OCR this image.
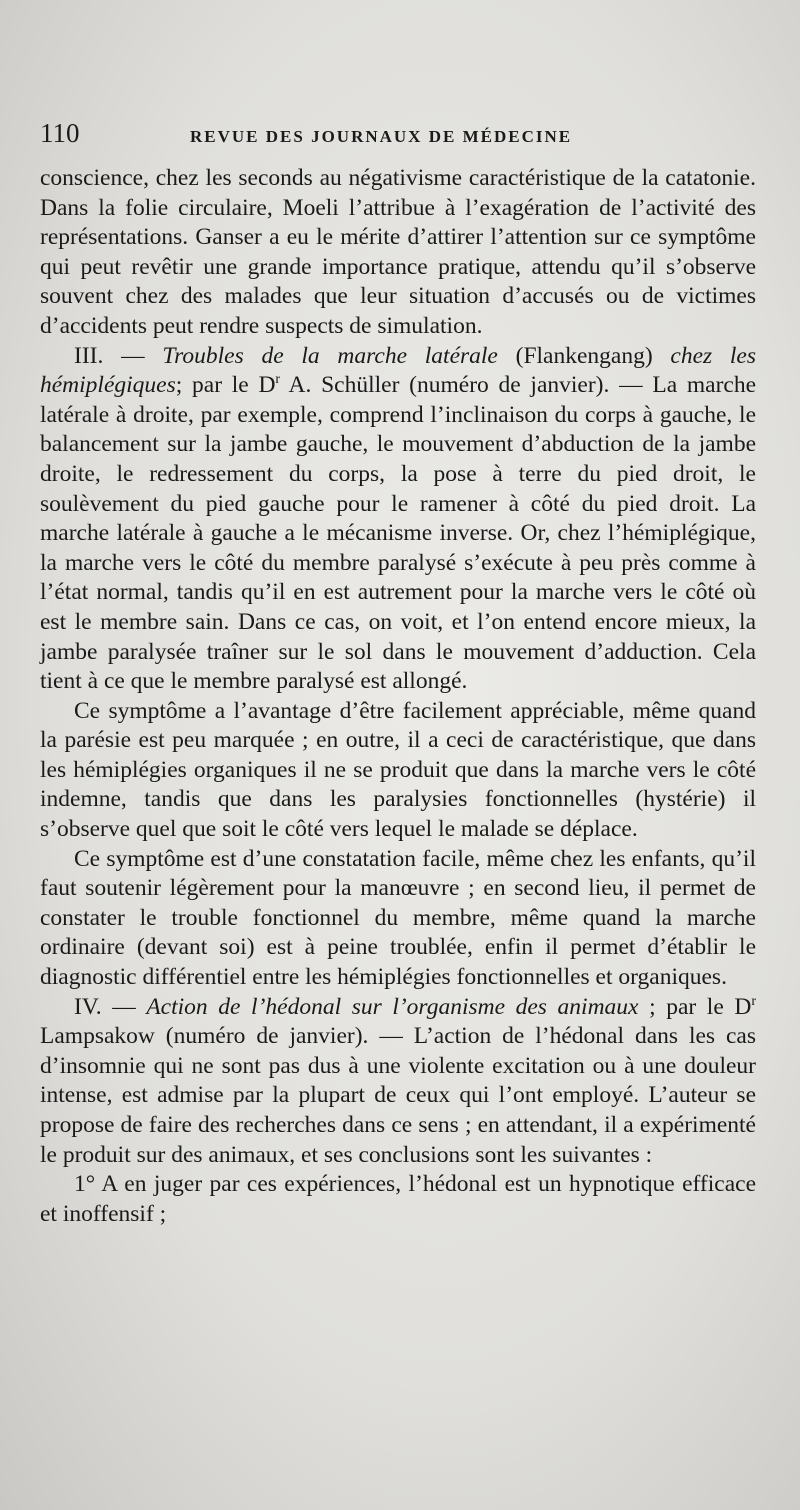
110	REVUE DES JOURNAUX DE MÉDECINE

conscience, chez les seconds au négativisme caractéristique de la catatonie. Dans la folie circulaire, Moeli l’attribue à l’exagération de l’activité des représentations. Ganser a eu le mérite d’attirer l’attention sur ce symptôme qui peut revêtir une grande importance pratique, attendu qu’il s’observe souvent chez des malades que leur situation d’accusés ou de victimes d’accidents peut rendre suspects de simulation.

III. — Troubles de la marche latérale (Flankengang) chez les hémiplégiques; par le $D^r$ A. Schüller (numéro de janvier). — La marche latérale à droite, par exemple, comprend l’inclinaison du corps à gauche, le balancement sur la jambe gauche, le mouvement d’abduction de la jambe droite, le redressement du corps, la pose à terre du pied droit, le soulèvement du pied gauche pour le ramener à côté du pied droit. La marche latérale à gauche a le mécanisme inverse. Or, chez l’hémiplégique, la marche vers le côté du membre paralysé s’exécute à peu près comme à l’état normal, tandis qu’il en est autrement pour la marche vers le côté où est le membre sain. Dans ce cas, on voit, et l’on entend encore mieux, la jambe paralysée traîner sur le sol dans le mouvement d’adduction. Cela tient à ce que le membre paralysé est allongé.

Ce symptôme a l’avantage d’être facilement appréciable, même quand la parésie est peu marquée ; en outre, il a ceci de caractéristique, que dans les hémiplégies organiques il ne se produit que dans la marche vers le côté indemne, tandis que dans les paralysies fonctionnelles (hystérie) il s’observe quel que soit le côté vers lequel le malade se déplace.

Ce symptôme est d’une constatation facile, même chez les enfants, qu’il faut soutenir légèrement pour la manœuvre ; en second lieu, il permet de constater le trouble fonctionnel du membre, même quand la marche ordinaire (devant soi) est à peine troublée, enfin il permet d’établir le diagnostic différentiel entre les hémiplégies fonctionnelles et organiques.

IV. — Action de l’hédonal sur l’organisme des animaux ; par le $D^r$ Lampsakow (numéro de janvier). — L’action de l’hédonal dans les cas d’insomnie qui ne sont pas dus à une violente excitation ou à une douleur intense, est admise par la plupart de ceux qui l’ont employé. L’auteur se propose de faire des recherches dans ce sens ; en attendant, il a expérimenté le produit sur des animaux, et ses conclusions sont les suivantes :

1° A en juger par ces expériences, l’hédonal est un hypnotique efficace et inoffensif ;
